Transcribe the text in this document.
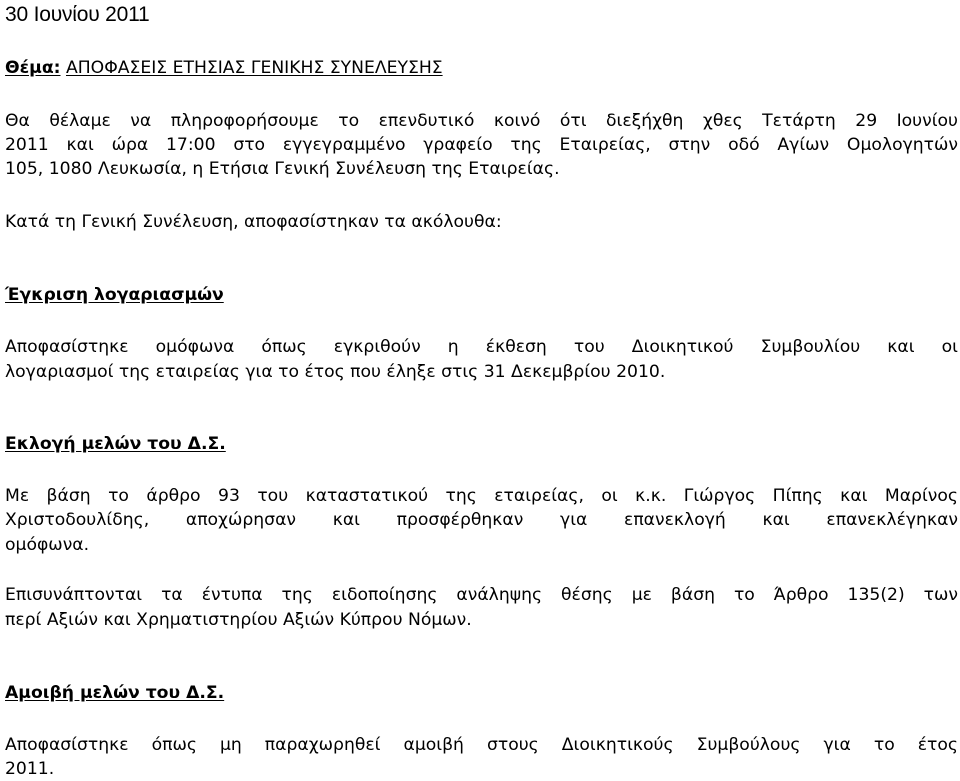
30 Ιουνίου 2011
Θέμα: ΑΠΟΦΑΣΕΙΣ ΕΤΗΣΙΑΣ ΓΕΝΙΚΗΣ ΣΥΝΕΛΕΥΣΗΣ
Θα θέλαμε να πληροφορήσουμε το επενδυτικό κοινό ότι διεξήχθη χθες Τετάρτη 29 Ιουνίου
2011 και ώρα 17:00 στο εγγεγραμμένο γραφείο της Εταιρείας, στην οδό Αγίων Ομολογητών
105, 1080 Λευκωσία, η Ετήσια Γενική Συνέλευση της Εταιρείας.
Κατά τη Γενική Συνέλευση, αποφασίστηκαν τα ακόλουθα:
Έγκριση λογαριασμών
Αποφασίστηκε ομόφωνα όπως εγκριθούν η έκθεση του Διοικητικού Συμβουλίου και οι
λογαριασμοί της εταιρείας για το έτος που έληξε στις 31 Δεκεμβρίου 2010.
Εκλογή μελών του Δ.Σ.
Με βάση το άρθρο 93 του καταστατικού της εταιρείας, οι κ.κ. Γιώργος Πίπης και Μαρίνος
Χριστοδουλίδης, αποχώρησαν και προσφέρθηκαν για επανεκλογή και επανεκλέγηκαν
ομόφωνα.
Επισυνάπτονται τα έντυπα της ειδοποίησης ανάληψης θέσης με βάση το Άρθρο 135(2) των
περί Αξιών και Χρηματιστηρίου Αξιών Κύπρου Νόμων.
Αμοιβή μελών του Δ.Σ.
Αποφασίστηκε όπως μη παραχωρηθεί αμοιβή στους Διοικητικούς Συμβούλους για το έτος
2011.
